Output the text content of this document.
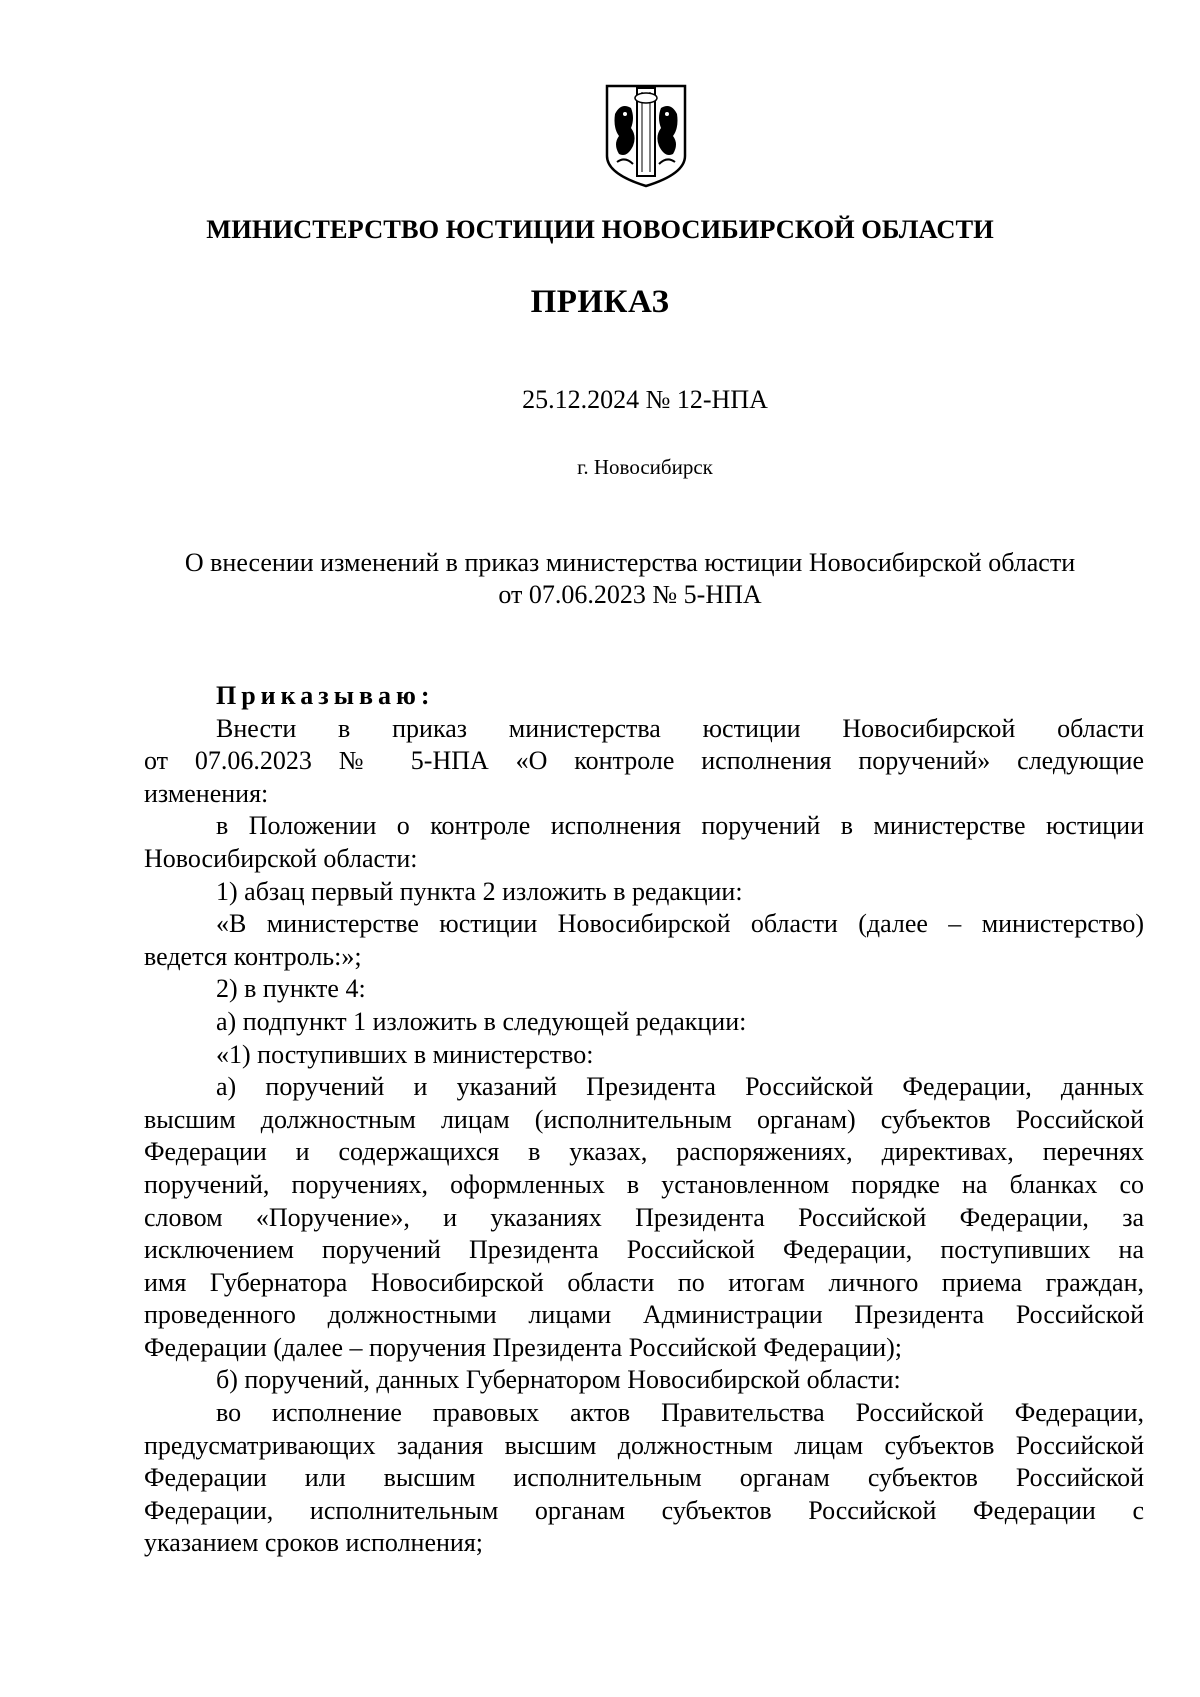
МИНИСТЕРСТВО ЮСТИЦИИ НОВОСИБИРСКОЙ ОБЛАСТИ
ПРИКАЗ
25.12.2024 № 12-НПА
г. Новосибирск
О внесении изменений в приказ министерства юстиции Новосибирской области
от 07.06.2023 № 5-НПА
Приказываю:
Внести в приказ министерства юстиции Новосибирской области
от 07.06.2023 № 5-НПА «О контроле исполнения поручений» следующие
изменения:
в Положении о контроле исполнения поручений в министерстве юстиции
Новосибирской области:
1) абзац первый пункта 2 изложить в редакции:
«В министерстве юстиции Новосибирской области (далее – министерство)
ведется контроль:»;
2) в пункте 4:
а) подпункт 1 изложить в следующей редакции:
«1) поступивших в министерство:
а) поручений и указаний Президента Российской Федерации, данных
высшим должностным лицам (исполнительным органам) субъектов Российской
Федерации и содержащихся в указах, распоряжениях, директивах, перечнях
поручений, поручениях, оформленных в установленном порядке на бланках со
словом «Поручение», и указаниях Президента Российской Федерации, за
исключением поручений Президента Российской Федерации, поступивших на
имя Губернатора Новосибирской области по итогам личного приема граждан,
проведенного должностными лицами Администрации Президента Российской
Федерации (далее – поручения Президента Российской Федерации);
б) поручений, данных Губернатором Новосибирской области:
во исполнение правовых актов Правительства Российской Федерации,
предусматривающих задания высшим должностным лицам субъектов Российской
Федерации или высшим исполнительным органам субъектов Российской
Федерации, исполнительным органам субъектов Российской Федерации с
указанием сроков исполнения;
